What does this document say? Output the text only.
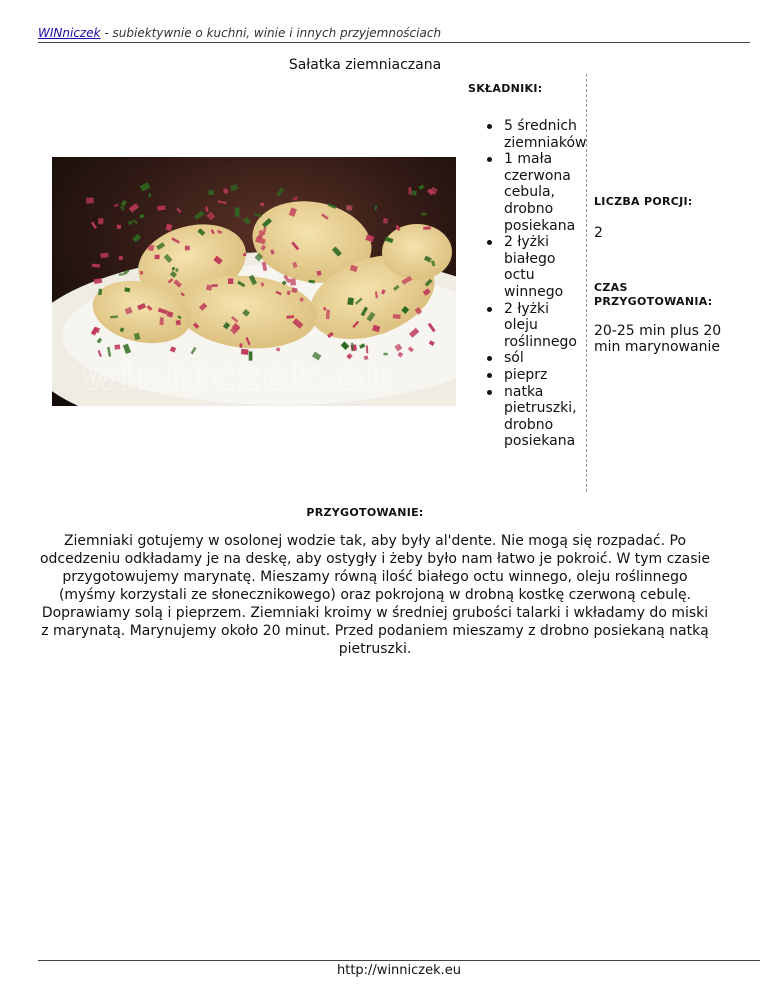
WINniczek - subiektywnie o kuchni, winie i innych przyjemnościach
Sałatka ziemniaczana
winniczek.eu
SKŁADNIKI:
5 średnich ziemniaków
1 mała czerwona cebula, drobno posiekana
2 łyżki białego octu winnego
2 łyżki oleju roślinnego
sól
pieprz
natka pietruszki, drobno posiekana
LICZBA PORCJI:
2
CZAS PRZYGOTOWANIA:
20-25 min plus 20 min marynowanie
PRZYGOTOWANIE:
Ziemniaki gotujemy w osolonej wodzie tak, aby były al'dente. Nie mogą się rozpadać. Po odcedzeniu odkładamy je na deskę, aby ostygły i żeby było nam łatwo je pokroić. W tym czasie przygotowujemy marynatę. Mieszamy równą ilość białego octu winnego, oleju roślinnego (myśmy korzystali ze słonecznikowego) oraz pokrojoną w drobną kostkę czerwoną cebulę. Doprawiamy solą i pieprzem. Ziemniaki kroimy w średniej grubości talarki i wkładamy do miski z marynatą. Marynujemy około 20 minut. Przed podaniem mieszamy z drobno posiekaną natką pietruszki.
http://winniczek.eu
